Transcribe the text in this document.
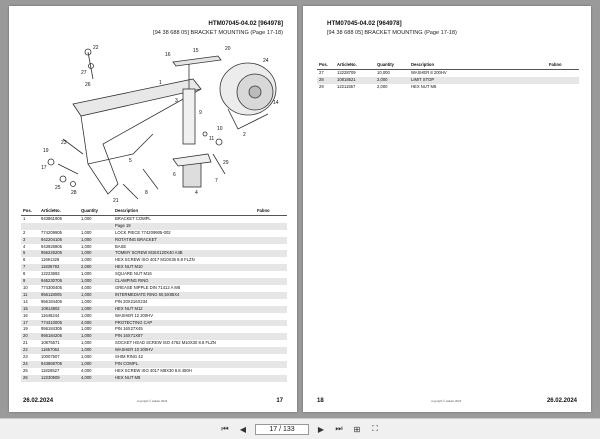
HTM07045-04.02 [964978]
[94 38 688 05] BRACKET MOUNTING (Page 17-18)
27
22
26
19
17
25
28
16
15	20
24
14
2
11
10
9
3
1
5
6
4
7
8
21
23
29
Pos.	ArticleNo.	Quantity	Description	Fabno
1	943861905	1,000	BRACKET COMPL	
			Page 19	
2	774209905	1,000	LOCK PIECE 774209905-002	
3	942204105	1,000	ROTATING BRACKET	
4	943926805	1,000	BASE	
5	956226205	1,000	TOMMY SCREW M16X120X40 A3B	
6	11691328	1,000	HEX SCREW ISO 4017 M10X35 8.8 FLZN	
7	11836793	2,000	HEX NUT M10	
8	12223693	1,000	SQUARE NUT M16	
9	946230705	1,000	CLAMPING RING	
10	774300405	4,000	GREASE NIPPLE DIN 71412 A M6	
11	956118005	1,000	INTERMEDIATE RING 60,5X85X4	
14	956184405	1,000	PIN 20X216X234	
15	10814802	1,000	HEX NUT M12	
16	11646244	1,000	WASHER 12 200HV	
17	774310005	4,000	PROTECTING CAP	
19	956184305	1,000	PIN 16X27X45	
20	956184205	1,000	PIN 16X71X87	
21	10875571	1,000	SOCKET HEAD SCREW ISO 4762 M10X30 8.8 FLZN	
22	11657062	1,000	WASHER 10 200HV	
23	10007507	1,000	SHIM RING 42	
24	943868705	1,000	PIN COMPL.	
25	11826527	4,000	HEX SCREW ISO 4017 M8X30 8.8 480H	
26	12230509	4,000	HEX NUT M8	
26.02.2024	copyright © walder 2024	17
HTM07045-04.02 [964978]
[94 38 688 05] BRACKET MOUNTING (Page 17-18)
Pos.	ArticleNo.	Quantity	Description	Fabno
27	12228709	10,000	WASHER 8 200HV	
28	10818521	2,000	LIMIT STOP	
29	12211557	2,000	HEX NUT M8	
18	copyright © walder 2024	26.02.2024
⏮	◀	17 / 133	▶	⏭	⊞	⛶
